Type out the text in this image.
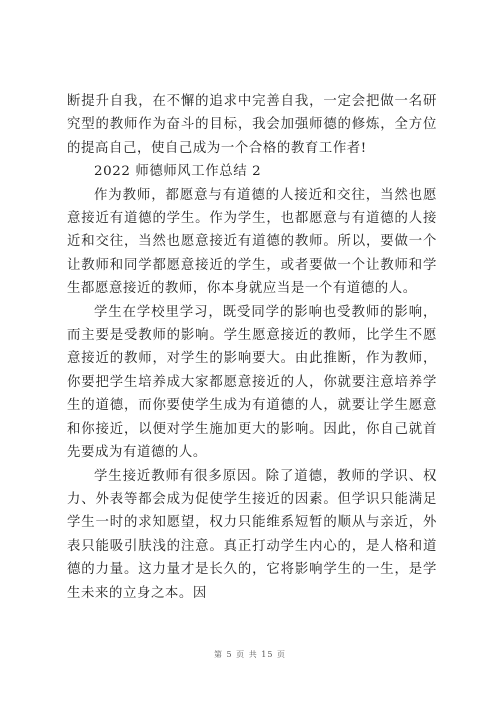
断提升自我，在不懈的追求中完善自我，一定会把做一名研究型的教师作为奋斗的目标，我会加强师德的修炼，全方位的提高自己，使自己成为一个合格的教育工作者!

2022 师德师风工作总结 2

作为教师，都愿意与有道德的人接近和交往，当然也愿意接近有道德的学生。作为学生，也都愿意与有道德的人接近和交往，当然也愿意接近有道德的教师。所以，要做一个让教师和同学都愿意接近的学生，或者要做一个让教师和学生都愿意接近的教师，你本身就应当是一个有道德的人。

学生在学校里学习，既受同学的影响也受教师的影响，而主要是受教师的影响。学生愿意接近的教师，比学生不愿意接近的教师，对学生的影响要大。由此推断，作为教师，你要把学生培养成大家都愿意接近的人，你就要注意培养学生的道德，而你要使学生成为有道德的人，就要让学生愿意和你接近，以便对学生施加更大的影响。因此，你自己就首先要成为有道德的人。

学生接近教师有很多原因。除了道德，教师的学识、权力、外表等都会成为促使学生接近的因素。但学识只能满足学生一时的求知愿望，权力只能维系短暂的顺从与亲近，外表只能吸引肤浅的注意。真正打动学生内心的，是人格和道德的力量。这力量才是长久的，它将影响学生的一生，是学生未来的立身之本。因

第 5 页 共 15 页
